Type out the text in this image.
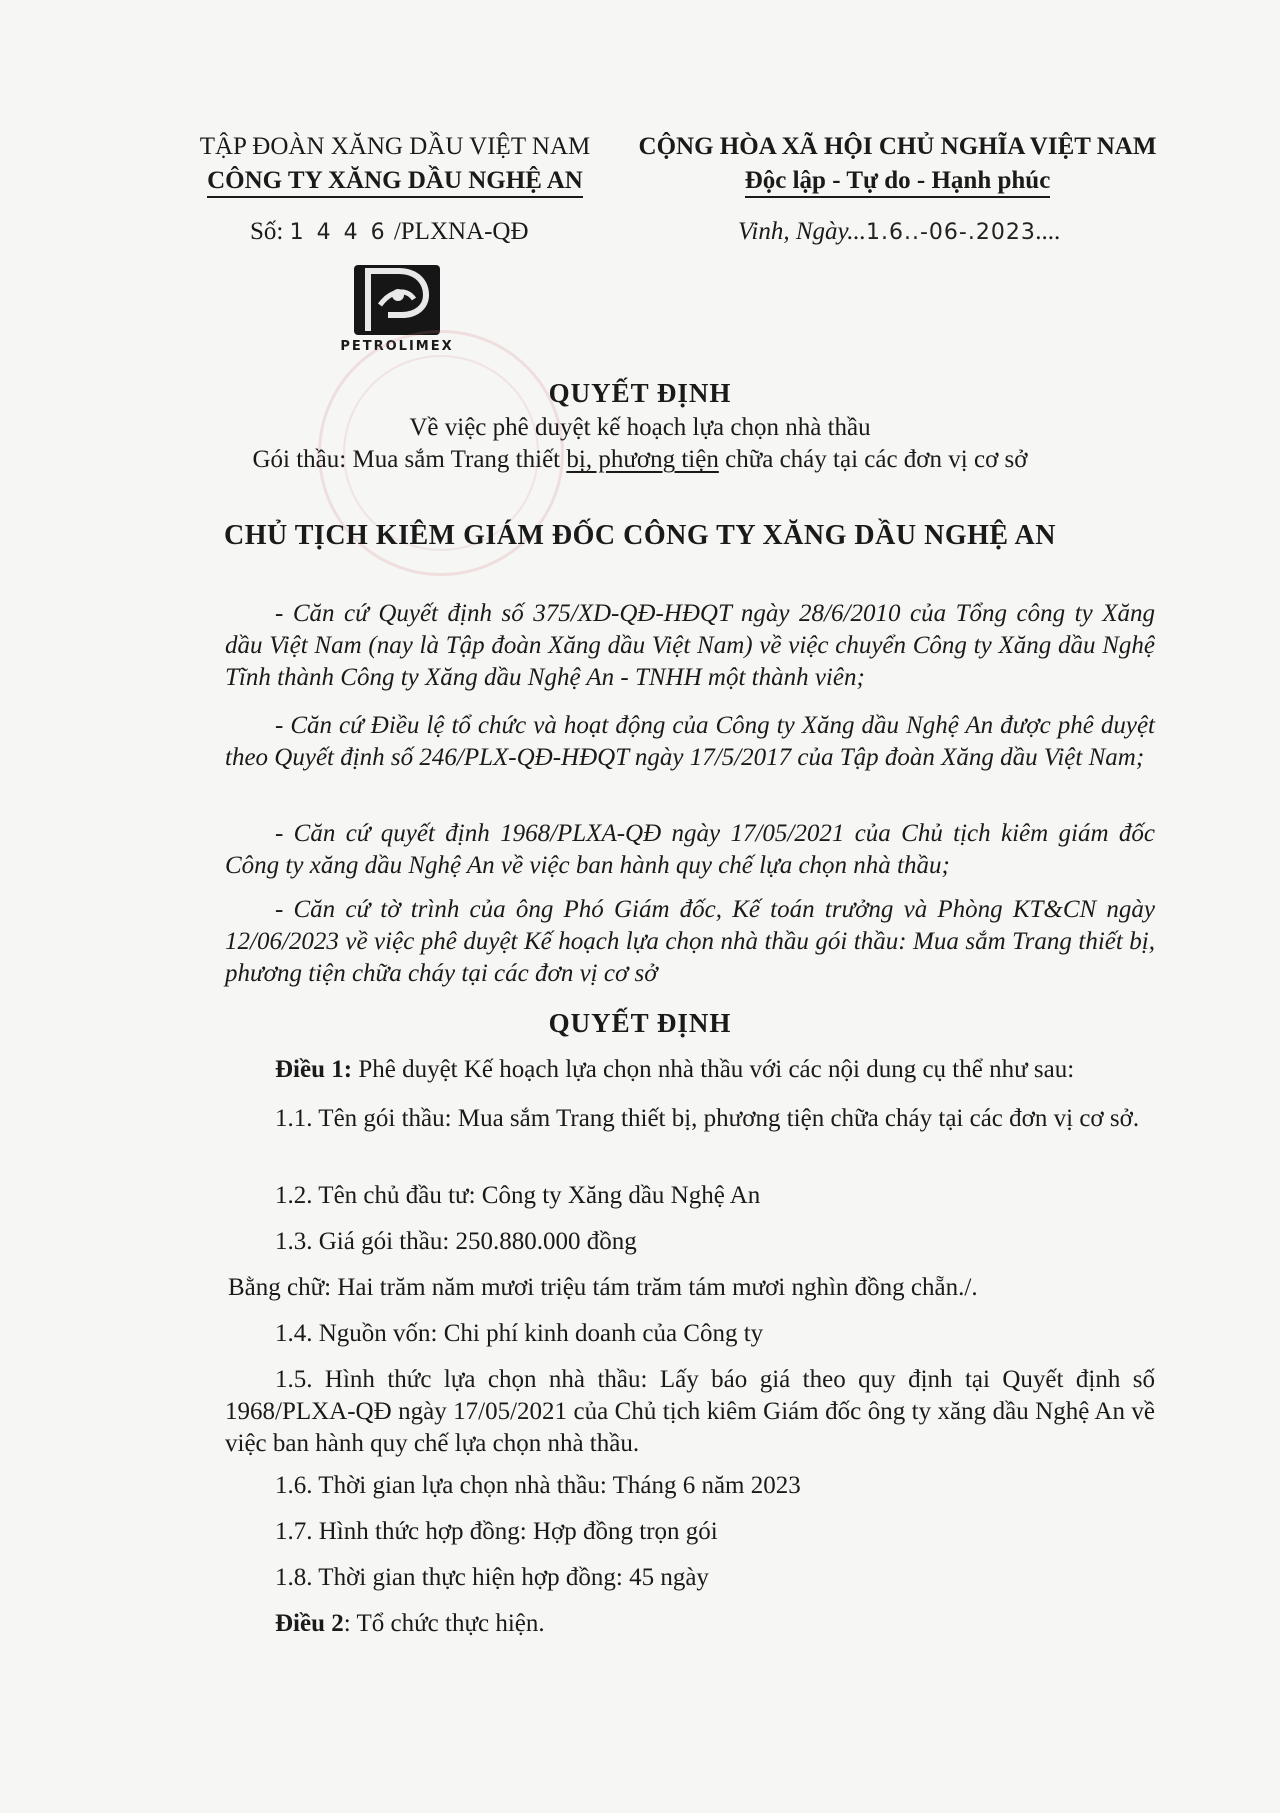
TẬP ĐOÀN XĂNG DẦU VIỆT NAM
CÔNG TY XĂNG DẦU NGHỆ AN
CỘNG HÒA XÃ HỘI CHỦ NGHĨA VIỆT NAM
Độc lập - Tự do - Hạnh phúc
Số: 1 4 4 6 /PLXNA-QĐ	Vinh, Ngày...1.6..-06-.2023....
PETROLIMEX
QUYẾT ĐỊNH
Về việc phê duyệt kế hoạch lựa chọn nhà thầu
Gói thầu: Mua sắm Trang thiết bị, phương tiện chữa cháy tại các đơn vị cơ sở
CHỦ TỊCH KIÊM GIÁM ĐỐC CÔNG TY XĂNG DẦU NGHỆ AN
- Căn cứ Quyết định số 375/XD-QĐ-HĐQT ngày 28/6/2010 của Tổng công ty Xăng dầu Việt Nam (nay là Tập đoàn Xăng dầu Việt Nam) về việc chuyển Công ty Xăng dầu Nghệ Tĩnh thành Công ty Xăng dầu Nghệ An - TNHH một thành viên;
- Căn cứ Điều lệ tổ chức và hoạt động của Công ty Xăng dầu Nghệ An được phê duyệt theo Quyết định số 246/PLX-QĐ-HĐQT ngày 17/5/2017 của Tập đoàn Xăng dầu Việt Nam;
- Căn cứ quyết định 1968/PLXA-QĐ ngày 17/05/2021 của Chủ tịch kiêm giám đốc Công ty xăng dầu Nghệ An về việc ban hành quy chế lựa chọn nhà thầu;
- Căn cứ tờ trình của ông Phó Giám đốc, Kế toán trưởng và Phòng KT&CN ngày 12/06/2023 về việc phê duyệt Kế hoạch lựa chọn nhà thầu gói thầu: Mua sắm Trang thiết bị, phương tiện chữa cháy tại các đơn vị cơ sở
QUYẾT ĐỊNH
Điều 1: Phê duyệt Kế hoạch lựa chọn nhà thầu với các nội dung cụ thể như sau:
1.1. Tên gói thầu: Mua sắm Trang thiết bị, phương tiện chữa cháy tại các đơn vị cơ sở.
1.2. Tên chủ đầu tư: Công ty Xăng dầu Nghệ An
1.3. Giá gói thầu: 250.880.000 đồng
Bằng chữ: Hai trăm năm mươi triệu tám trăm tám mươi nghìn đồng chẵn./.
1.4. Nguồn vốn: Chi phí kinh doanh của Công ty
1.5. Hình thức lựa chọn nhà thầu: Lấy báo giá theo quy định tại Quyết định số 1968/PLXA-QĐ ngày 17/05/2021 của Chủ tịch kiêm Giám đốc ông ty xăng dầu Nghệ An về việc ban hành quy chế lựa chọn nhà thầu.
1.6. Thời gian lựa chọn nhà thầu: Tháng 6 năm 2023
1.7. Hình thức hợp đồng: Hợp đồng trọn gói
1.8. Thời gian thực hiện hợp đồng: 45 ngày
Điều 2: Tổ chức thực hiện.
